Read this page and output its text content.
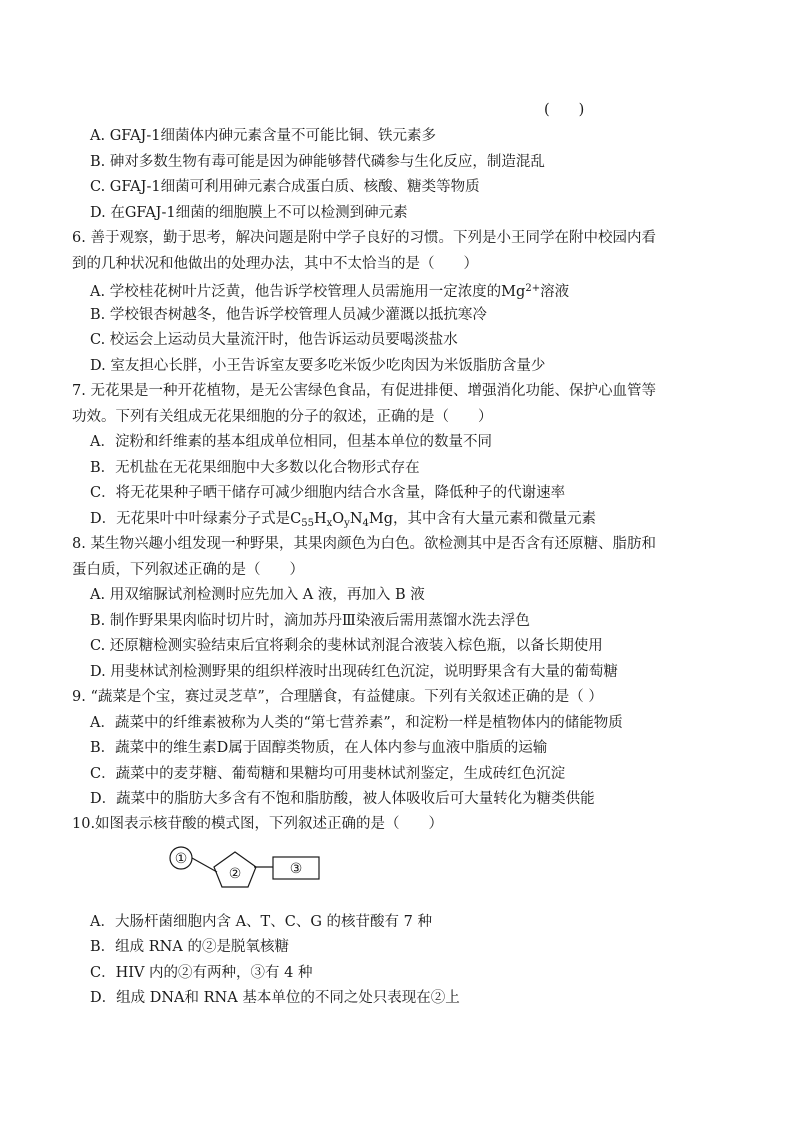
(　　)
A. GFAJ-1细菌体内砷元素含量不可能比铜、铁元素多
B. 砷对多数生物有毒可能是因为砷能够替代磷参与生化反应，制造混乱
C. GFAJ-1细菌可利用砷元素合成蛋白质、核酸、糖类等物质
D. 在GFAJ-1细菌的细胞膜上不可以检测到砷元素
6. 善于观察，勤于思考，解决问题是附中学子良好的习惯。下列是小王同学在附中校园内看
到的几种状况和他做出的处理办法，其中不太恰当的是（　　）
A. 学校桂花树叶片泛黄，他告诉学校管理人员需施用一定浓度的$Mg^{2+}$溶液
B. 学校银杏树越冬，他告诉学校管理人员减少灌溉以抵抗寒冷
C. 校运会上运动员大量流汗时，他告诉运动员要喝淡盐水
D. 室友担心长胖，小王告诉室友要多吃米饭少吃肉因为米饭脂肪含量少
7. 无花果是一种开花植物，是无公害绿色食品，有促进排便、增强消化功能、保护心血管等
功效。下列有关组成无花果细胞的分子的叙述，正确的是（　　）
A．淀粉和纤维素的基本组成单位相同，但基本单位的数量不同
B．无机盐在无花果细胞中大多数以化合物形式存在
C．将无花果种子晒干储存可减少细胞内结合水含量，降低种子的代谢速率
D．无花果叶中叶绿素分子式是$C_{55}H_xO_yN_4Mg$，其中含有大量元素和微量元素
8. 某生物兴趣小组发现一种野果，其果肉颜色为白色。欲检测其中是否含有还原糖、脂肪和
蛋白质，下列叙述正确的是（　　）
A. 用双缩脲试剂检测时应先加入 A 液，再加入 B 液
B. 制作野果果肉临时切片时，滴加苏丹Ⅲ染液后需用蒸馏水洗去浮色
C. 还原糖检测实验结束后宜将剩余的斐林试剂混合液装入棕色瓶，以备长期使用
D. 用斐林试剂检测野果的组织样液时出现砖红色沉淀，说明野果含有大量的葡萄糖
9. “蔬菜是个宝，赛过灵芝草”，合理膳食，有益健康。下列有关叙述正确的是（ ）
A．蔬菜中的纤维素被称为人类的“第七营养素”，和淀粉一样是植物体内的储能物质
B．蔬菜中的维生素D属于固醇类物质，在人体内参与血液中脂质的运输
C．蔬菜中的麦芽糖、葡萄糖和果糖均可用斐林试剂鉴定，生成砖红色沉淀
D．蔬菜中的脂肪大多含有不饱和脂肪酸，被人体吸收后可大量转化为糖类供能
10.如图表示核苷酸的模式图，下列叙述正确的是（　　）
①
②	③
A．大肠杆菌细胞内含 A、T、C、G 的核苷酸有 7 种
B．组成 RNA 的②是脱氧核糖
C．HIV 内的②有两种，③有 4 种
D．组成 DNA和 RNA 基本单位的不同之处只表现在②上
